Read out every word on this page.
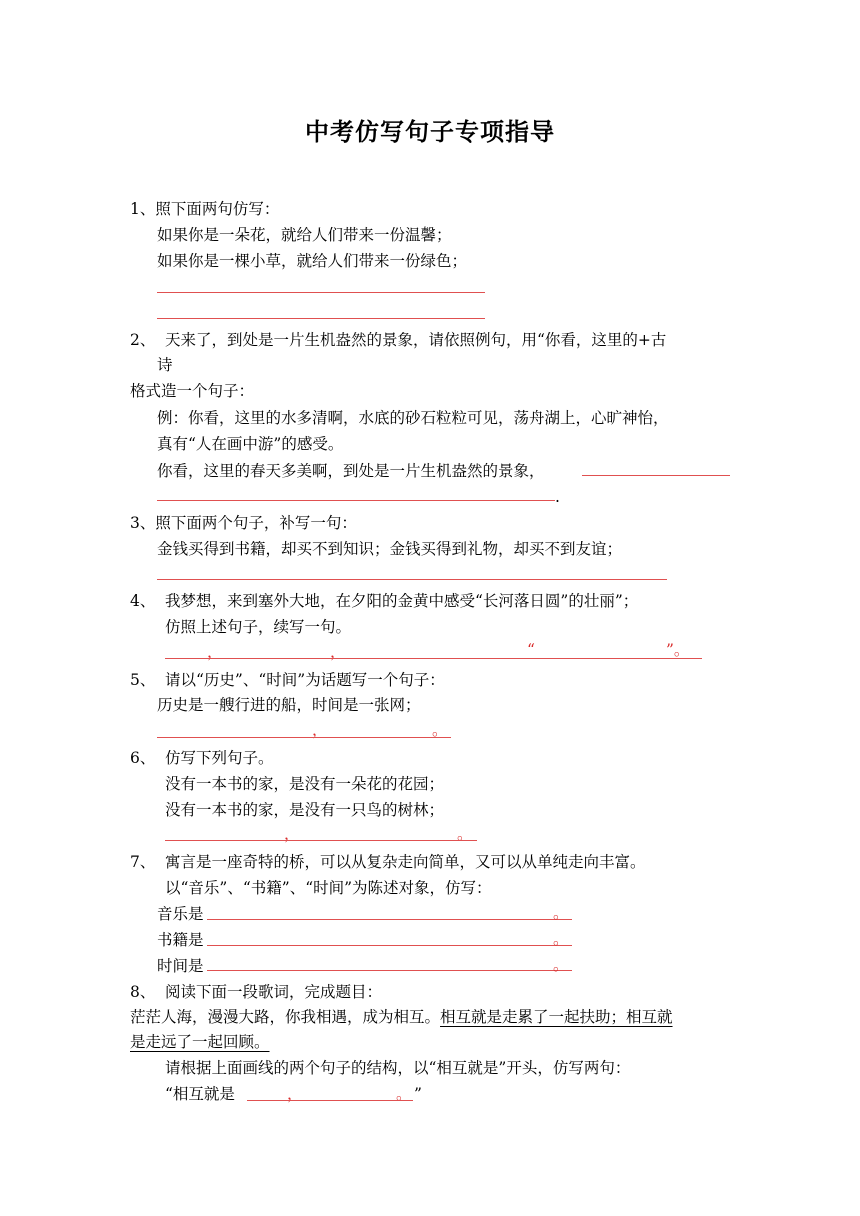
中考仿写句子专项指导
1、照下面两句仿写：
如果你是一朵花，就给人们带来一份温馨；
如果你是一棵小草，就给人们带来一份绿色；
2、 天来了，到处是一片生机盎然的景象，请依照例句，用“你看，这里的+古
诗
格式造一个句子：
例：你看，这里的水多清啊，水底的砂石粒粒可见，荡舟湖上，心旷神怡，
真有“人在画中游”的感受。
你看，这里的春天多美啊，到处是一片生机盎然的景象，
.
3、照下面两个句子，补写一句：
金钱买得到书籍，却买不到知识；金钱买得到礼物，却买不到友谊；
4、 我梦想，来到塞外大地，在夕阳的金黄中感受“长河落日圆”的壮丽”；
仿照上述句子，续写一句。
，	，	“	”。
5、 请以“历史”、“时间”为话题写一个句子：
历史是一艘行进的船，时间是一张网；
，	。
6、 仿写下列句子。
没有一本书的家，是没有一朵花的花园；
没有一本书的家，是没有一只鸟的树林；
，	。
7、 寓言是一座奇特的桥，可以从复杂走向简单，又可以从单纯走向丰富。
以“音乐”、“书籍”、“时间”为陈述对象，仿写：
音乐是	。
书籍是	。
时间是	。
8、 阅读下面一段歌词，完成题目：
茫茫人海，漫漫大路，你我相遇，成为相互。相互就是走累了一起扶助；相互就
是走远了一起回顾。
请根据上面画线的两个句子的结构，以“相互就是”开头，仿写两句：
“相互就是	，	。 ”
